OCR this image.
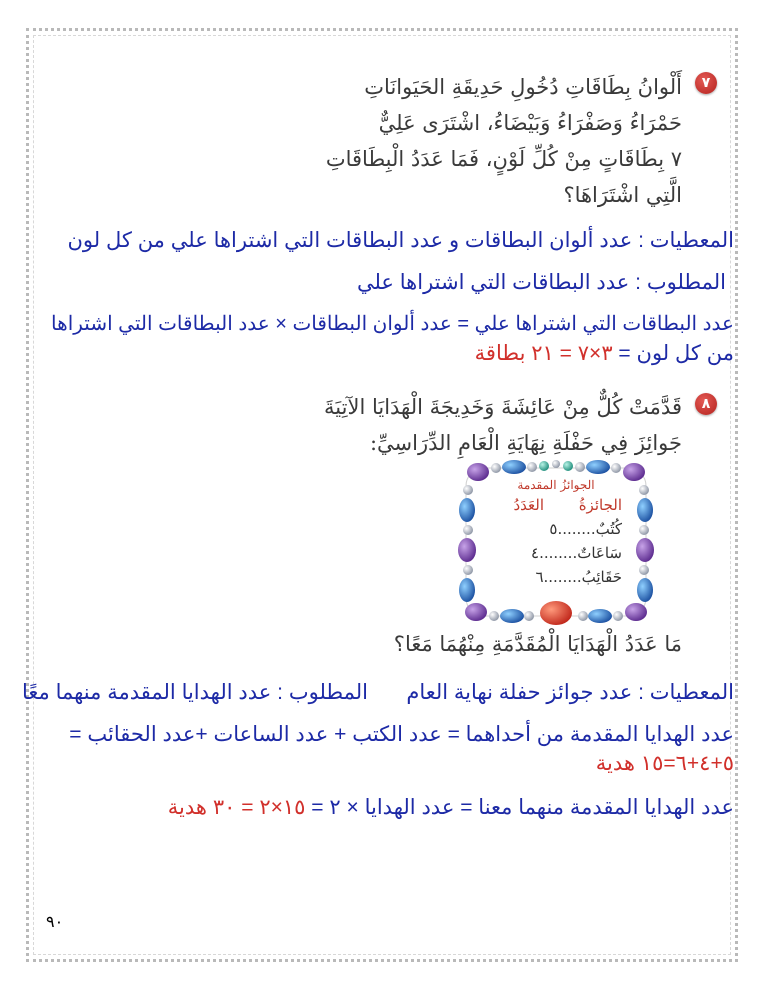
٧
أَلْوانُ بِطَاقَاتِ دُخُولِ حَدِيقَةِ الحَيَوانَاتِ
حَمْرَاءُ وَصَفْرَاءُ وَبَيْضَاءُ، اشْتَرَى عَلِيٌّ
٧ بِطَاقَاتٍ مِنْ كُلِّ لَوْنٍ، فَمَا عَدَدُ الْبِطَاقَاتِ
الَّتِي اشْتَرَاهَا؟
المعطيات : عدد ألوان البطاقات و عدد البطاقات التي اشتراها علي من كل لون
المطلوب : عدد البطاقات التي اشتراها علي
عدد البطاقات التي اشتراها علي = عدد ألوان البطاقات × عدد البطاقات التي اشتراها
من كل لون = ٣×٧ = ٢١ بطاقة
٨
قَدَّمَتْ كُلٌّ مِنْ عَائِشَةَ وَخَدِيجَةَ الْهَدَايَا الآتِيَةَ
جَوائِزَ فِي حَفْلَةِ نِهَايَةِ الْعَامِ الدِّرَاسِيِّ:
الجوائزُ المقدمة
الجائزةُ
العَدَدُ
كُتُبٌ........٥
سَاعَاتٌ........٤
حَقَائِبُ........٦
مَا عَدَدُ الْهَدَايَا الْمُقَدَّمَةِ مِنْهُمَا مَعًا؟
المعطيات : عدد جوائز حفلة نهاية العام
المطلوب : عدد الهدايا المقدمة منهما معًا
عدد الهدايا المقدمة من أحداهما = عدد الكتب + عدد الساعات +عدد الحقائب =
٥+٤+٦=١٥ هدية
عدد الهدايا المقدمة منهما معنا = عدد الهدايا × ٢ = ١٥×٢ = ٣٠ هدية
٩٠
